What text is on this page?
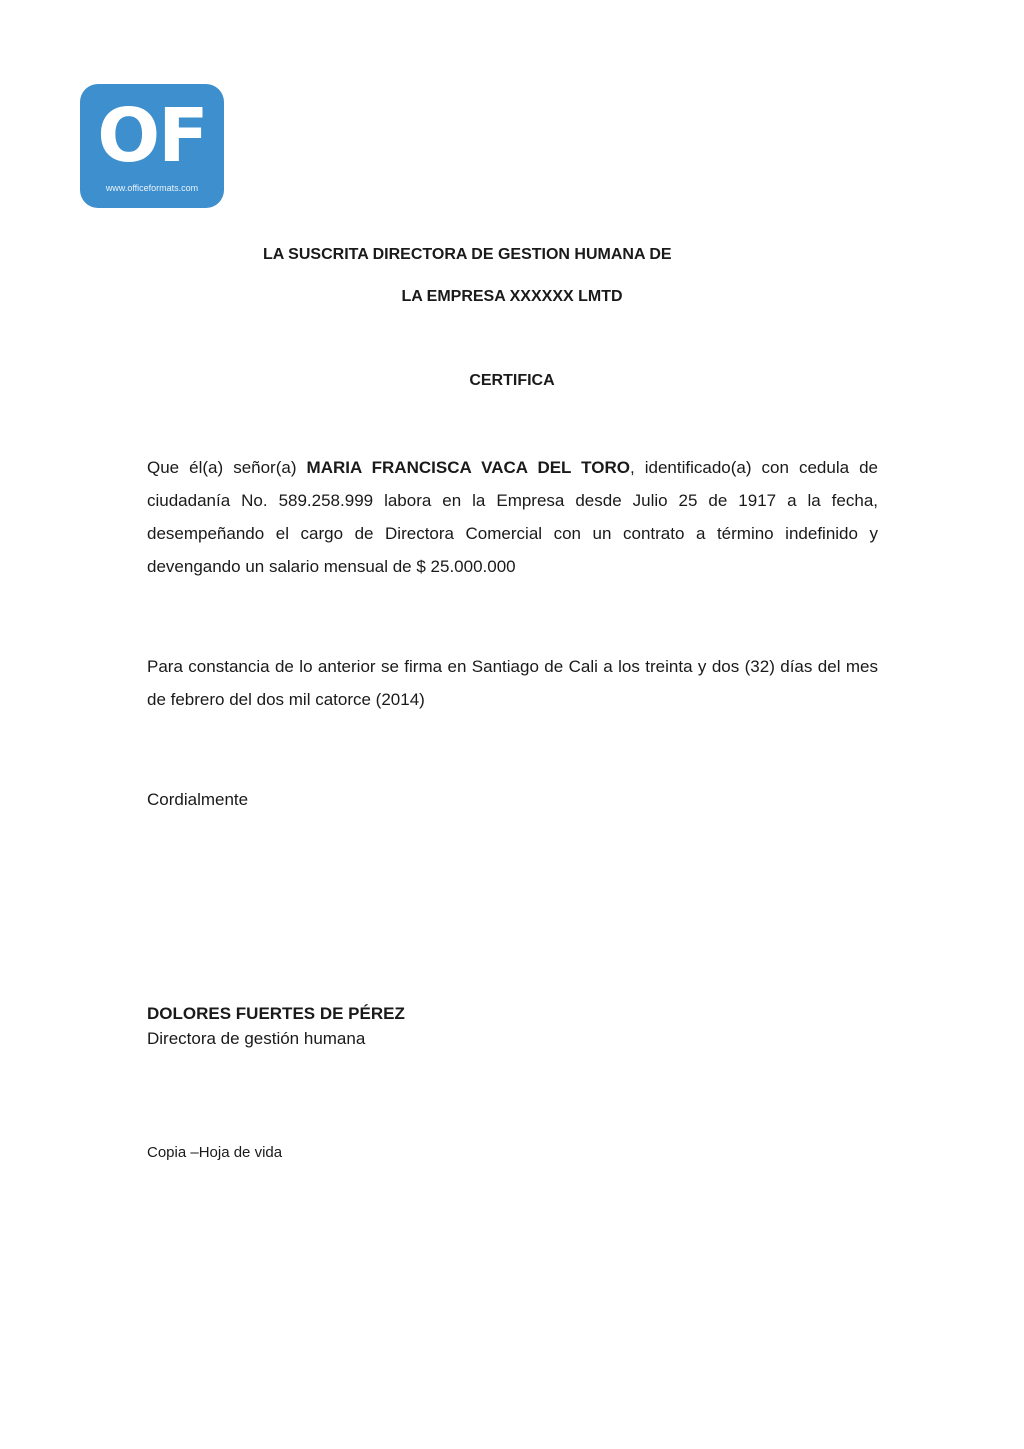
OF
www.officeformats.com
LA SUSCRITA DIRECTORA DE GESTION HUMANA DE
LA EMPRESA XXXXXX LMTD
CERTIFICA
Que él(a) señor(a) MARIA FRANCISCA VACA DEL TORO, identificado(a) con cedula de ciudadanía No. 589.258.999 labora en la Empresa desde Julio 25 de 1917 a la fecha, desempeñando el cargo de Directora Comercial con un contrato a término indefinido y devengando un salario mensual de $ 25.000.000
Para constancia de lo anterior se firma en Santiago de Cali a los treinta y dos (32) días del mes de febrero del dos mil catorce (2014)
Cordialmente
DOLORES FUERTES DE PÉREZ
Directora de gestión humana
Copia –Hoja de vida
